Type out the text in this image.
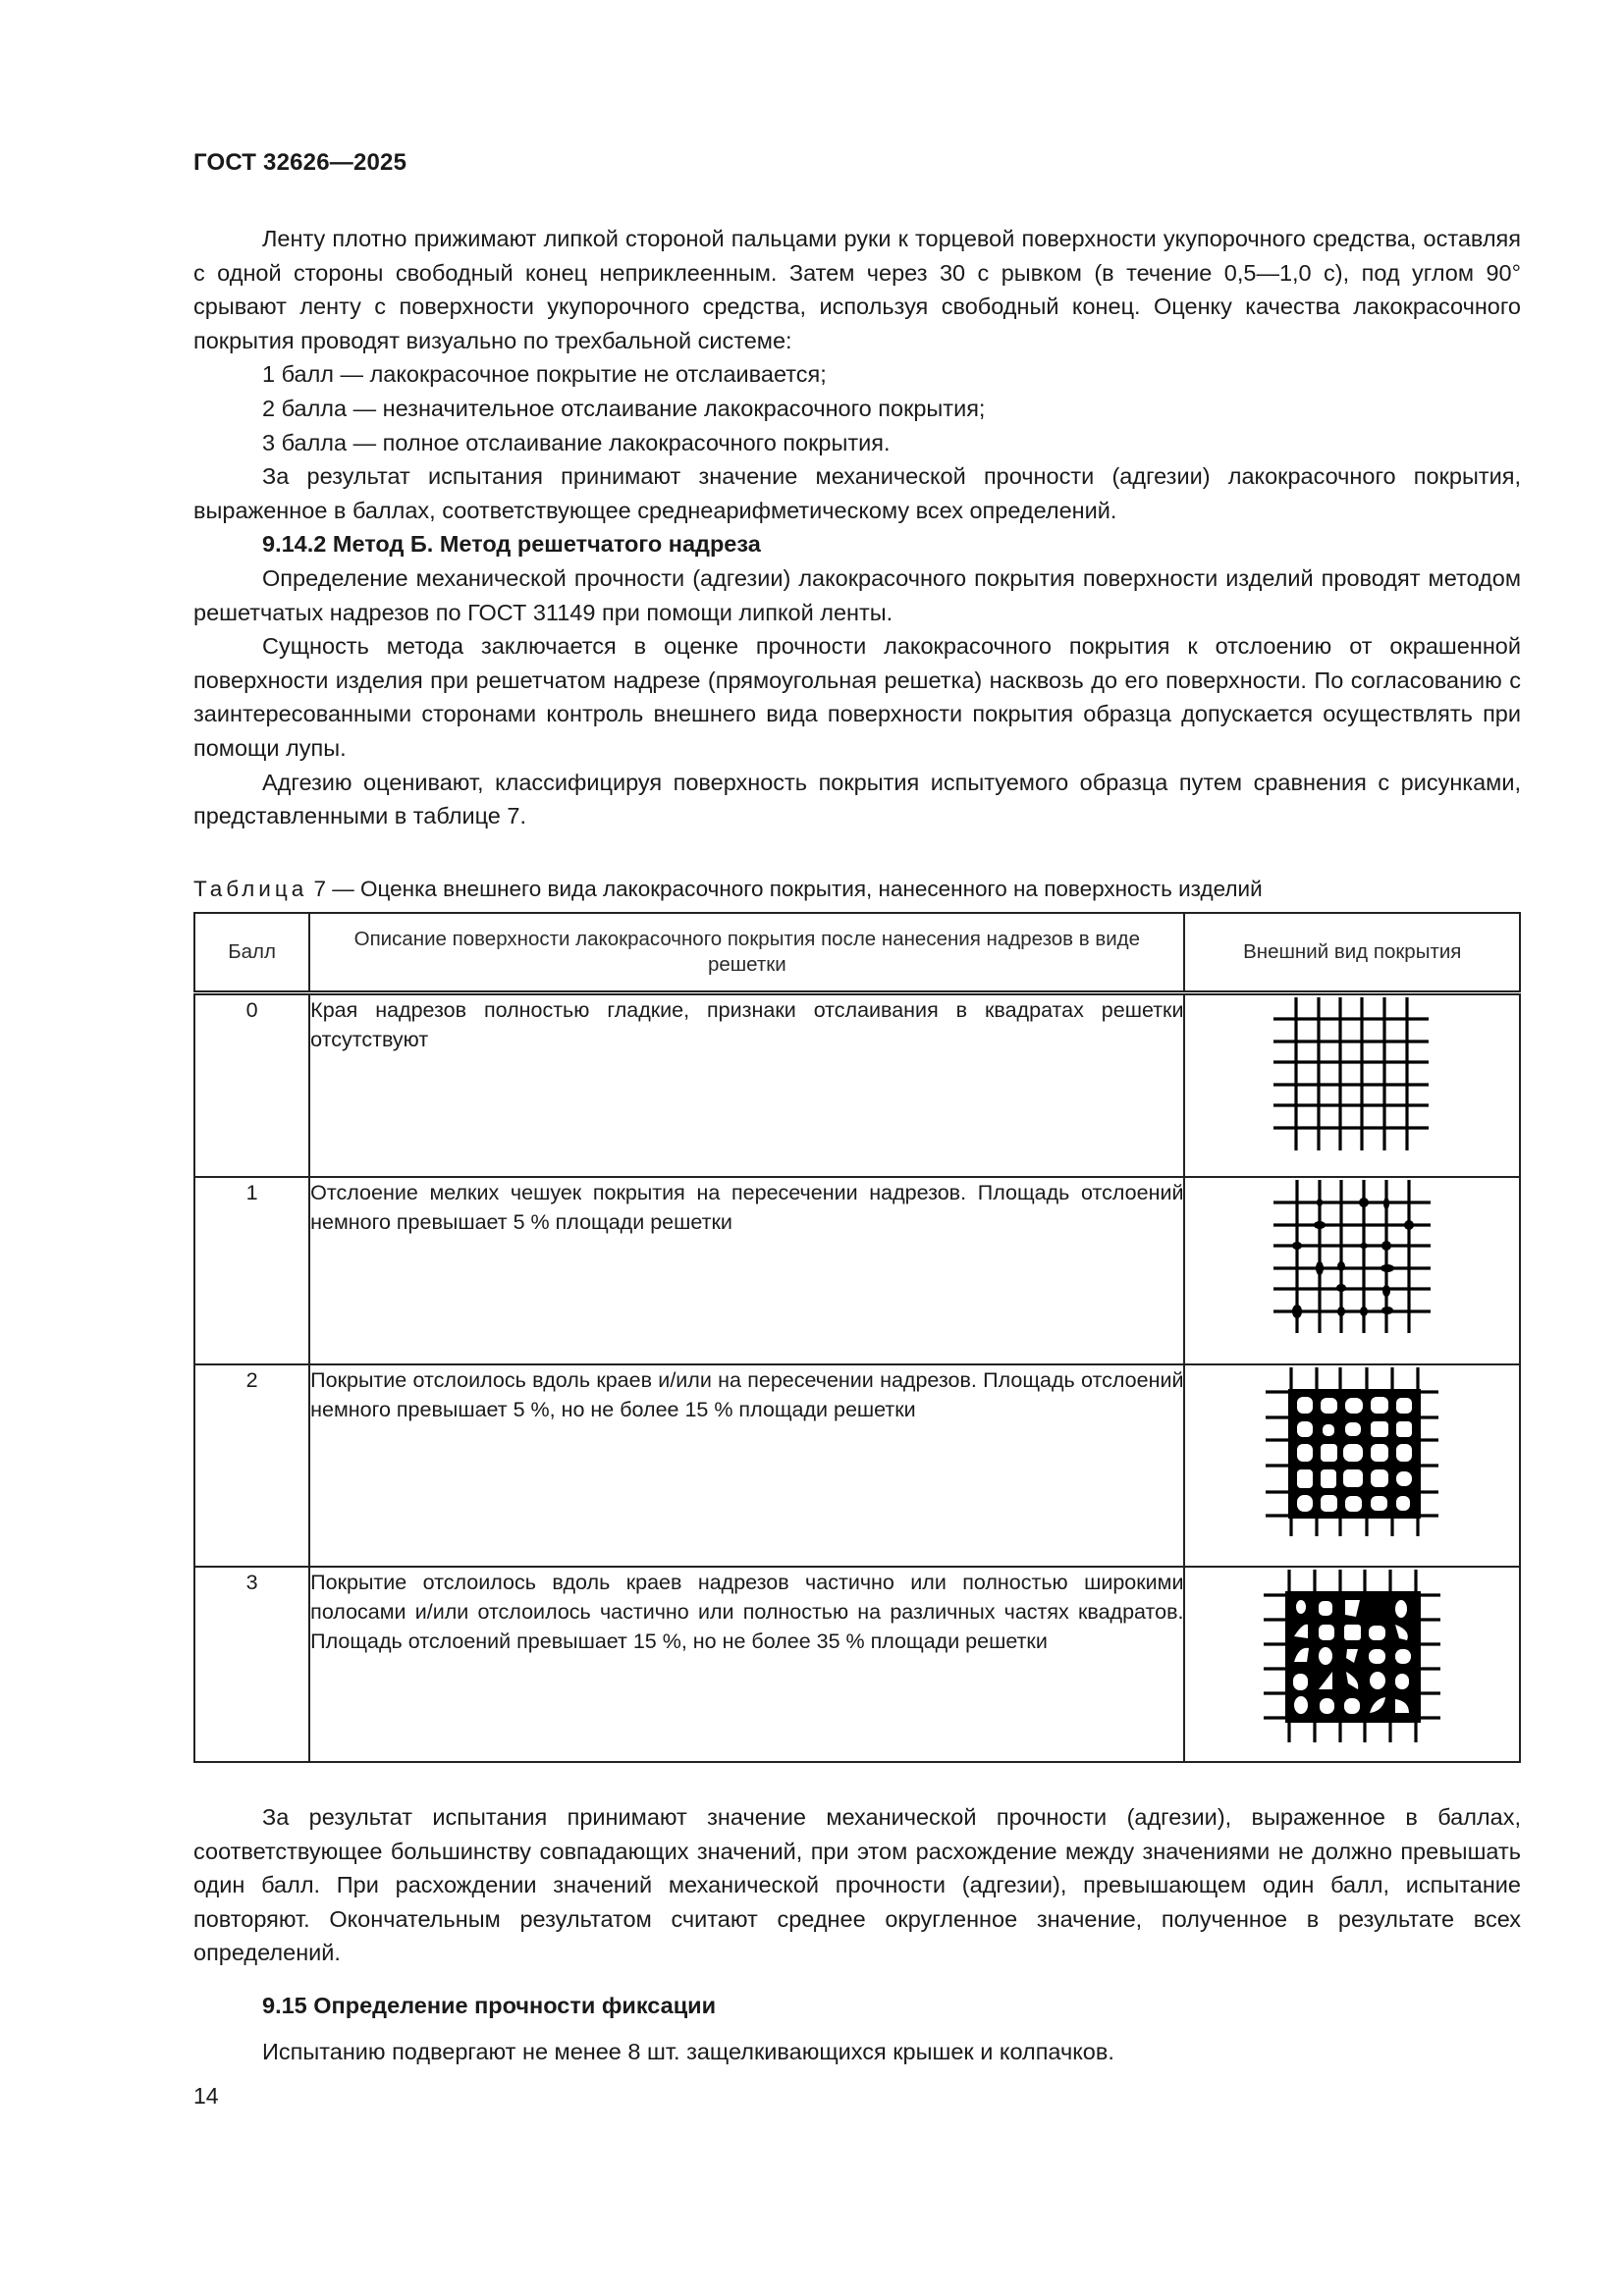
ГОСТ 32626—2025

Ленту плотно прижимают липкой стороной пальцами руки к торцевой поверхности укупорочного средства, оставляя с одной стороны свободный конец неприклеенным. Затем через 30 с рывком (в течение 0,5—1,0 с), под углом 90° срывают ленту с поверхности укупорочного средства, используя свободный конец. Оценку качества лакокрасочного покрытия проводят визуально по трехбальной системе:

1 балл — лакокрасочное покрытие не отслаивается;

2 балла — незначительное отслаивание лакокрасочного покрытия;

3 балла — полное отслаивание лакокрасочного покрытия.

За результат испытания принимают значение механической прочности (адгезии) лакокрасочного покрытия, выраженное в баллах, соответствующее среднеарифметическому всех определений.

9.14.2 Метод Б. Метод решетчатого надреза

Определение механической прочности (адгезии) лакокрасочного покрытия поверхности изделий проводят методом решетчатых надрезов по ГОСТ 31149 при помощи липкой ленты.

Сущность метода заключается в оценке прочности лакокрасочного покрытия к отслоению от окрашенной поверхности изделия при решетчатом надрезе (прямоугольная решетка) насквозь до его поверхности. По согласованию с заинтересованными сторонами контроль внешнего вида поверхности покрытия образца допускается осуществлять при помощи лупы.

Адгезию оценивают, классифицируя поверхность покрытия испытуемого образца путем сравнения с рисунками, представленными в таблице 7.

Таблица 7 — Оценка внешнего вида лакокрасочного покрытия, нанесенного на поверхность изделий
Балл	Описание поверхности лакокрасочного покрытия после нанесения надрезов в виде решетки	Внешний вид покрытия
0	Края надрезов полностью гладкие, признаки отслаивания в квадратах решетки отсутствуют	

1	Отслоение мелких чешуек покрытия на пересечении надрезов. Площадь отслоений немного превышает 5 % площади решетки	

2	Покрытие отслоилось вдоль краев и/или на пересечении надрезов. Площадь отслоений немного превышает 5 %, но не более 15 % площади решетки	

3	Покрытие отслоилось вдоль краев надрезов частично или полностью широкими полосами и/или отслоилось частично или полностью на различных частях квадратов. Площадь отслоений превышает 15 %, но не более 35 % площади решетки	

За результат испытания принимают значение механической прочности (адгезии), выраженное в баллах, соответствующее большинству совпадающих значений, при этом расхождение между значениями не должно превышать один балл. При расхождении значений механической прочности (адгезии), превышающем один балл, испытание повторяют. Окончательным результатом считают среднее округленное значение, полученное в результате всех определений.

9.15 Определение прочности фиксации

Испытанию подвергают не менее 8 шт. защелкивающихся крышек и колпачков.

14
